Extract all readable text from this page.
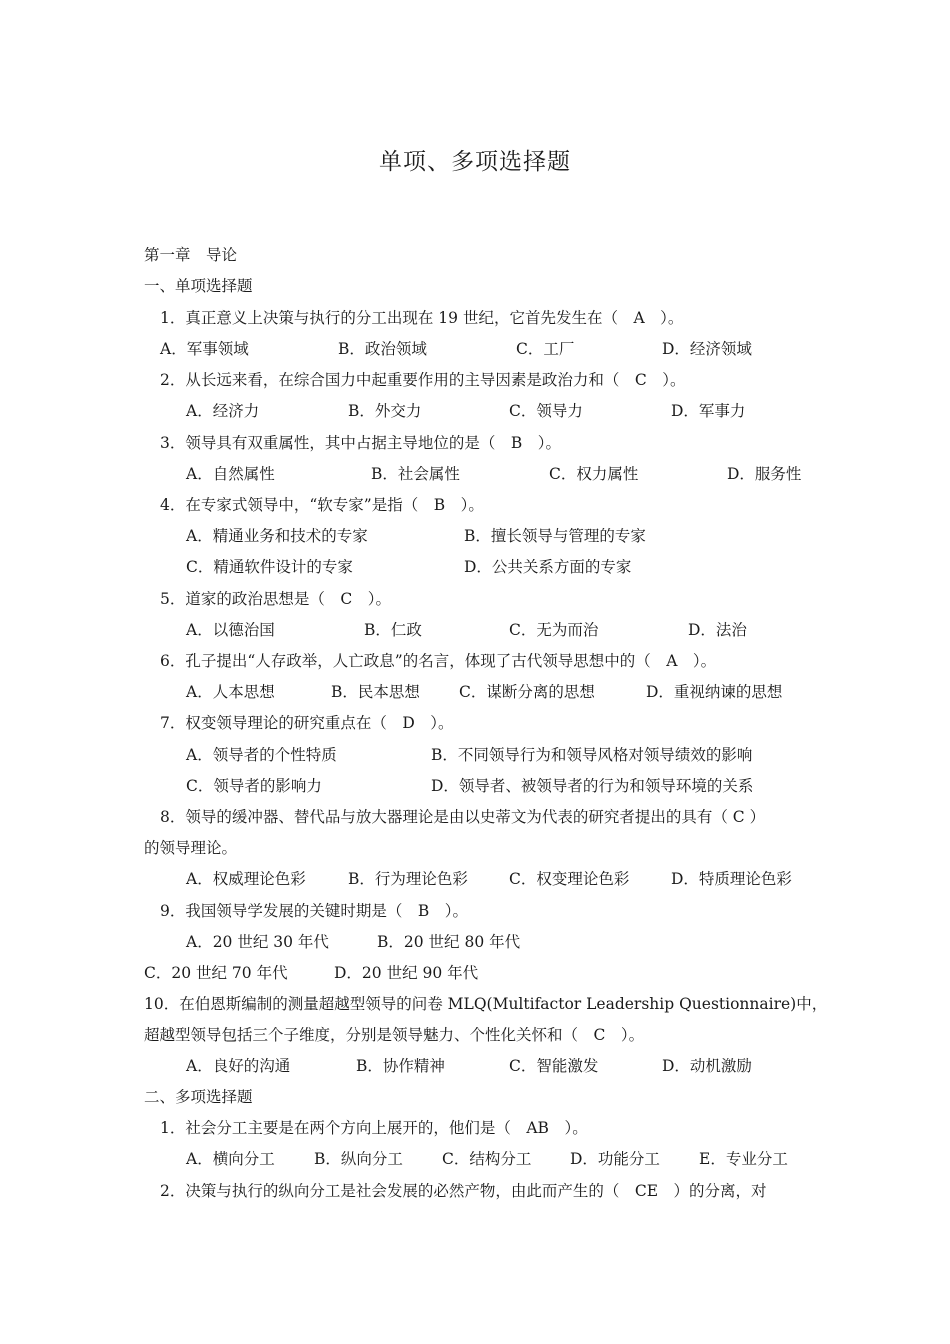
单项、多项选择题
第一章　导论
一、单项选择题
1．真正意义上决策与执行的分工出现在 19 世纪，它首先发生在（　A　）。
A．军事领域	B．政治领域	C．工厂	D．经济领域
2．从长远来看，在综合国力中起重要作用的主导因素是政治力和（　C　）。
A．经济力	B．外交力	C．领导力	D．军事力
3．领导具有双重属性，其中占据主导地位的是（　B　）。
A．自然属性	B．社会属性	C．权力属性	D．服务性
4．在专家式领导中，“软专家”是指（　B　）。
A．精通业务和技术的专家	B．擅长领导与管理的专家
C．精通软件设计的专家	D．公共关系方面的专家
5．道家的政治思想是（　C　）。
A．以德治国	B．仁政	C．无为而治	D．法治
6．孔子提出“人存政举，人亡政息”的名言，体现了古代领导思想中的（　A　）。
A．人本思想	B．民本思想	C．谋断分离的思想	D．重视纳谏的思想
7．权变领导理论的研究重点在（　D　）。
A．领导者的个性特质	B．不同领导行为和领导风格对领导绩效的影响
C．领导者的影响力	D．领导者、被领导者的行为和领导环境的关系
8．领导的缓冲器、替代品与放大器理论是由以史蒂文为代表的研究者提出的具有（ C ）
的领导理论。
A．权威理论色彩	B．行为理论色彩	C．权变理论色彩	D．特质理论色彩
9．我国领导学发展的关键时期是（　B　）。
A．20 世纪 30 年代	B．20 世纪 80 年代
C．20 世纪 70 年代	D．20 世纪 90 年代
10．在伯恩斯编制的测量超越型领导的问卷 MLQ(Multifactor Leadership Questionnaire)中，
超越型领导包括三个子维度，分别是领导魅力、个性化关怀和（　C　）。
A．良好的沟通	B．协作精神	C．智能激发	D．动机激励
二、多项选择题
1．社会分工主要是在两个方向上展开的，他们是（　AB　）。
A．横向分工	B．纵向分工	C．结构分工 D．功能分工	E．专业分工
2．决策与执行的纵向分工是社会发展的必然产物，由此而产生的（　CE　）的分离，对
